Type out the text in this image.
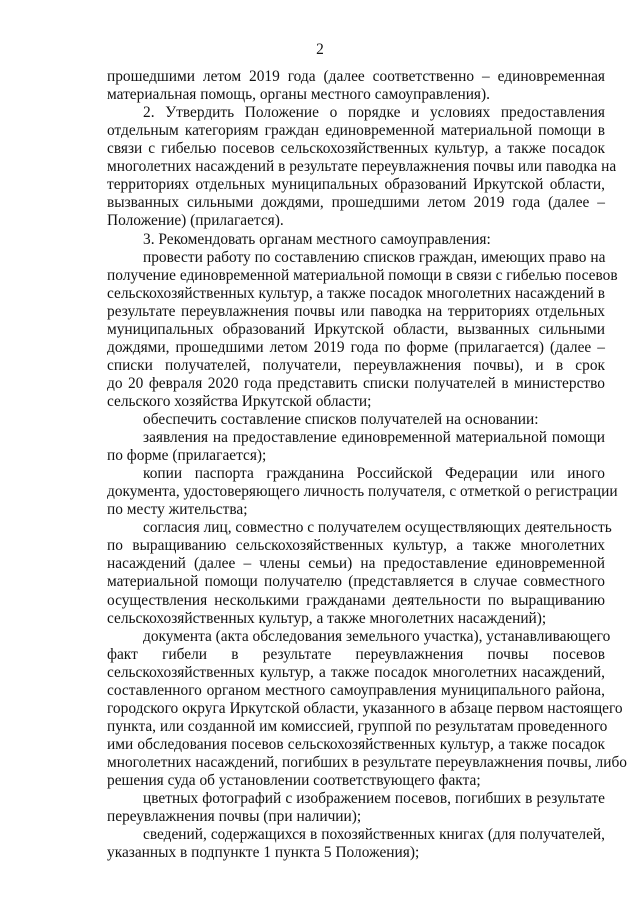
2
прошедшими летом 2019 года (далее соответственно – единовременная
материальная помощь, органы местного самоуправления).
2. Утвердить Положение о порядке и условиях предоставления
отдельным категориям граждан единовременной материальной помощи в
связи с гибелью посевов сельскохозяйственных культур, а также посадок
многолетних насаждений в результате переувлажнения почвы или паводка на
территориях отдельных муниципальных образований Иркутской области,
вызванных сильными дождями, прошедшими летом 2019 года (далее –
Положение) (прилагается).
3. Рекомендовать органам местного самоуправления:
провести работу по составлению списков граждан, имеющих право на
получение единовременной материальной помощи в связи с гибелью посевов
сельскохозяйственных культур, а также посадок многолетних насаждений в
результате переувлажнения почвы или паводка на территориях отдельных
муниципальных образований Иркутской области, вызванных сильными
дождями, прошедшими летом 2019 года по форме (прилагается) (далее –
списки получателей, получатели, переувлажнения почвы), и в срок
до 20 февраля 2020 года представить списки получателей в министерство
сельского хозяйства Иркутской области;
обеспечить составление списков получателей на основании:
заявления на предоставление единовременной материальной помощи
по форме (прилагается);
копии паспорта гражданина Российской Федерации или иного
документа, удостоверяющего личность получателя, с отметкой о регистрации
по месту жительства;
согласия лиц, совместно с получателем осуществляющих деятельность
по выращиванию сельскохозяйственных культур, а также многолетних
насаждений (далее – члены семьи) на предоставление единовременной
материальной помощи получателю (представляется в случае совместного
осуществления несколькими гражданами деятельности по выращиванию
сельскохозяйственных культур, а также многолетних насаждений);
документа (акта обследования земельного участка), устанавливающего
факт гибели в результате переувлажнения почвы посевов
сельскохозяйственных культур, а также посадок многолетних насаждений,
составленного органом местного самоуправления муниципального района,
городского округа Иркутской области, указанного в абзаце первом настоящего
пункта, или созданной им комиссией, группой по результатам проведенного
ими обследования посевов сельскохозяйственных культур, а также посадок
многолетних насаждений, погибших в результате переувлажнения почвы, либо
решения суда об установлении соответствующего факта;
цветных фотографий с изображением посевов, погибших в результате
переувлажнения почвы (при наличии);
сведений, содержащихся в похозяйственных книгах (для получателей,
указанных в подпункте 1 пункта 5 Положения);
